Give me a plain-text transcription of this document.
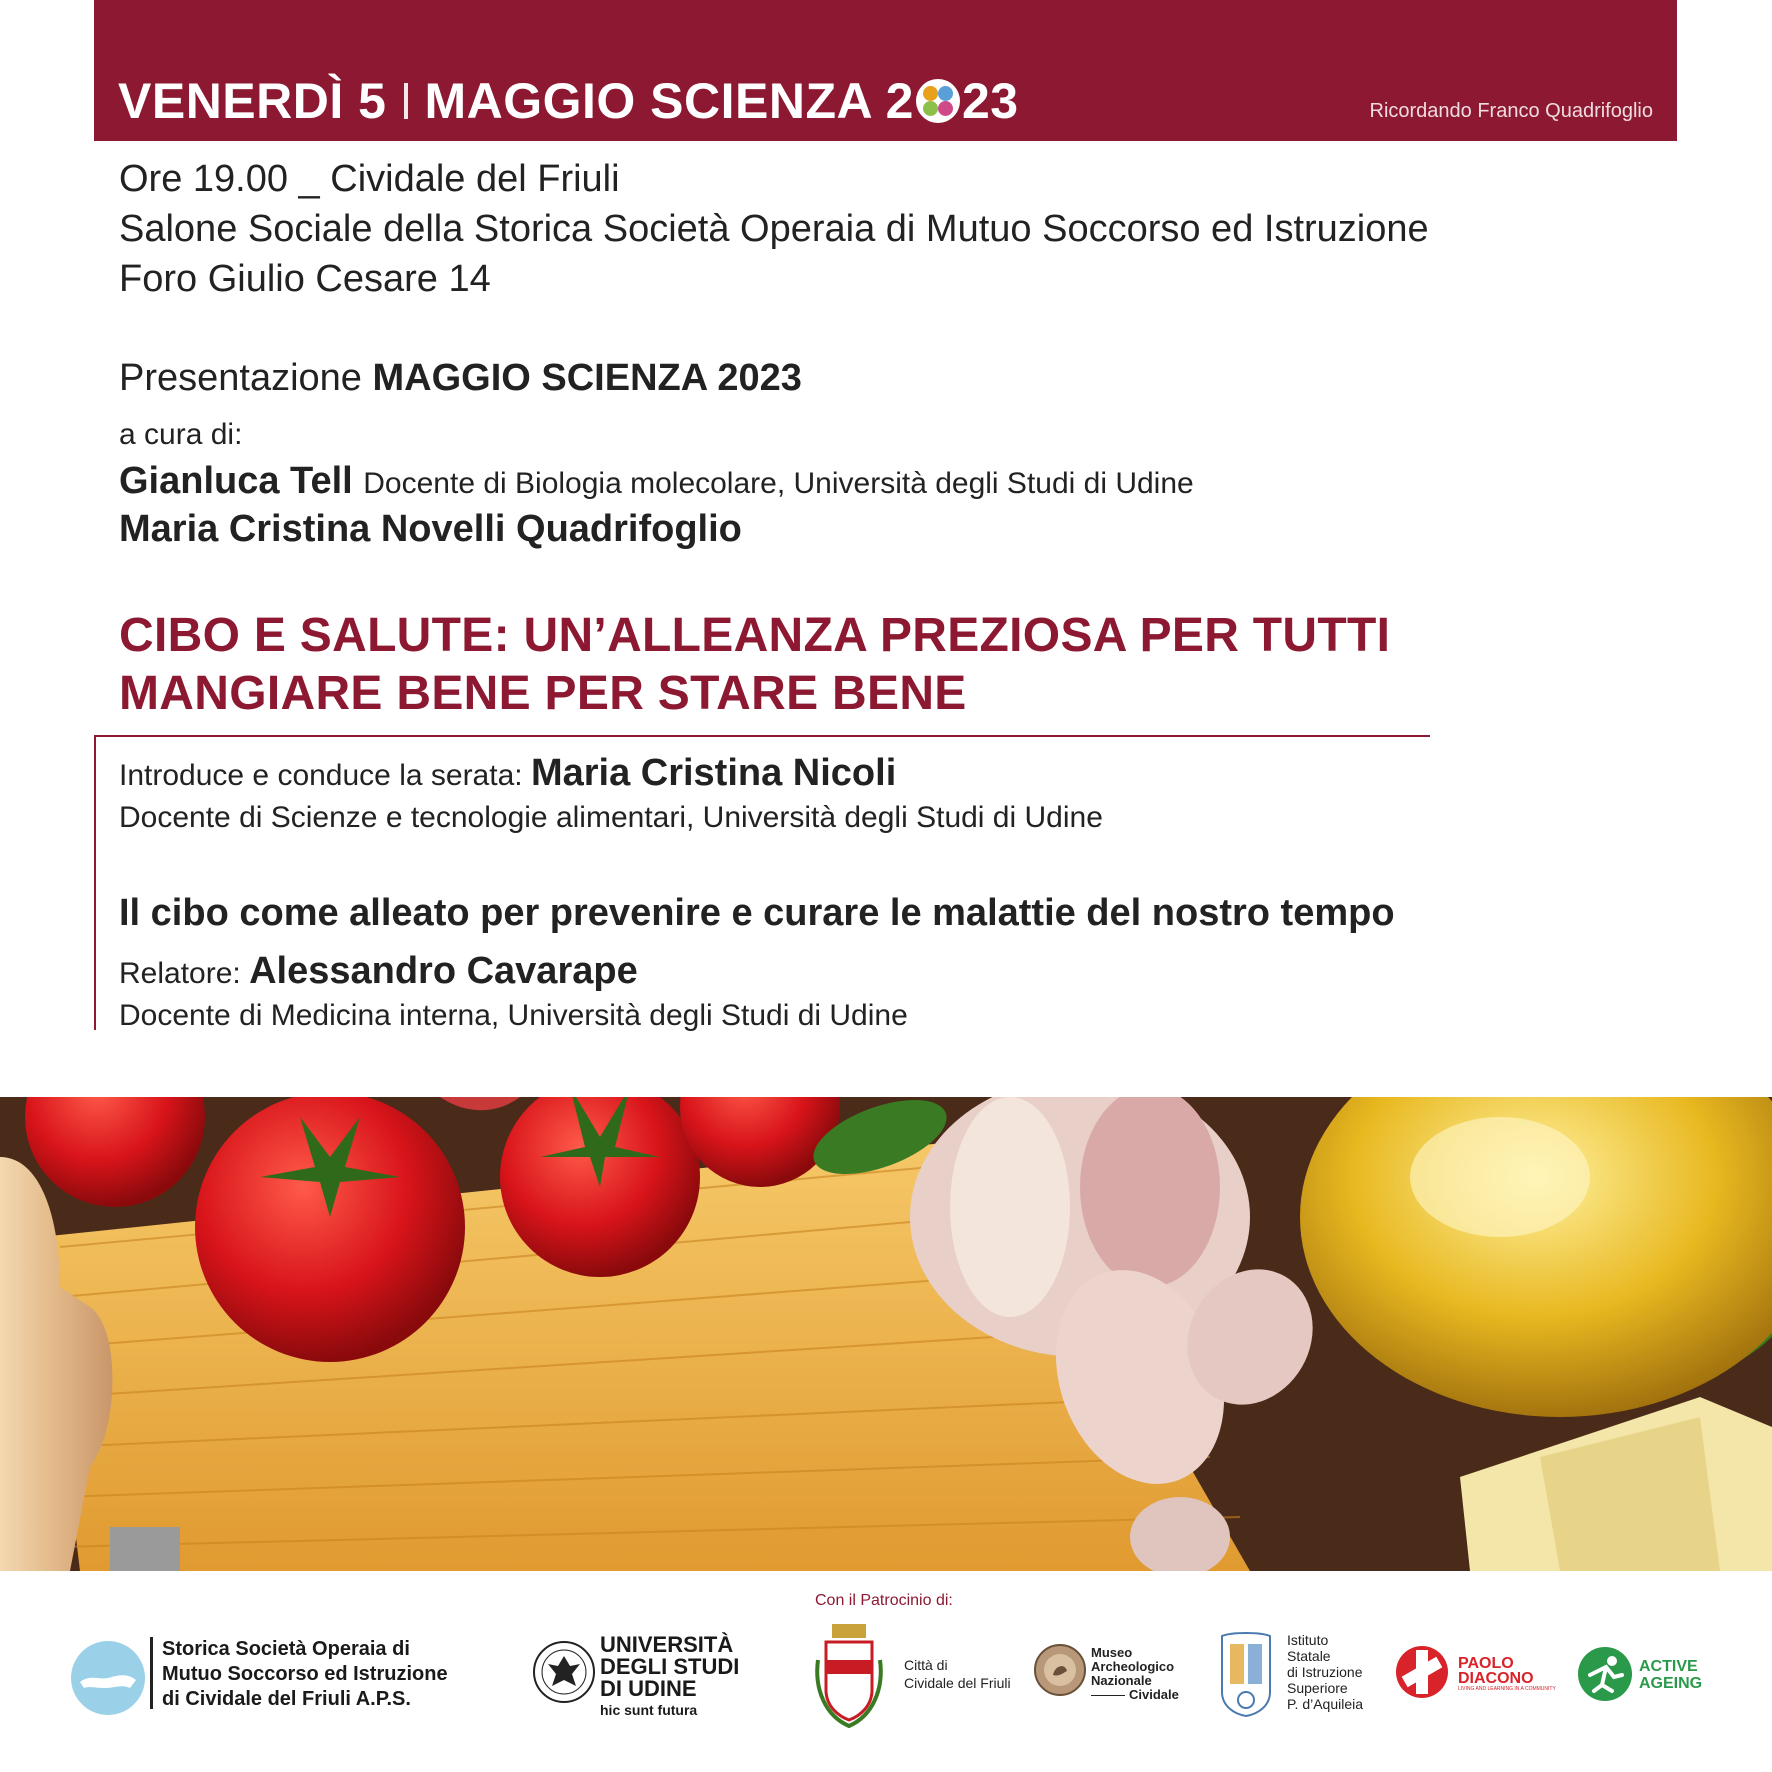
VENERDÌ 5 MAGGIO SCIENZA 2 23	Ricordando Franco Quadrifoglio
Ore 19.00 _ Cividale del Friuli
Salone Sociale della Storica Società Operaia di Mutuo Soccorso ed Istruzione
Foro Giulio Cesare 14
Presentazione MAGGIO SCIENZA 2023
a cura di:
Gianluca Tell Docente di Biologia molecolare, Università degli Studi di Udine
Maria Cristina Novelli Quadrifoglio
CIBO E SALUTE: UN’ALLEANZA PREZIOSA PER TUTTI
MANGIARE BENE PER STARE BENE
Introduce e conduce la serata: Maria Cristina Nicoli
Docente di Scienze e tecnologie alimentari, Università degli Studi di Udine
Il cibo come alleato per prevenire e curare le malattie del nostro tempo
Relatore: Alessandro Cavarape
Docente di Medicina interna, Università degli Studi di Udine
Con il Patrocinio di:
Storica Società Operaia di
Mutuo Soccorso ed Istruzione
di Cividale del Friuli A.P.S.
UNIVERSITÀ
DEGLI STUDI
DI UDINE
hic sunt futura
Città di
Cividale del Friuli
Museo
Archeologico
Nazionale
Cividale
Istituto
Statale
di Istruzione
Superiore
P. d’Aquileia
PAOLO
DIACONO
LIVING AND LEARNING IN A COMMUNITY
ACTIVE
AGEING
